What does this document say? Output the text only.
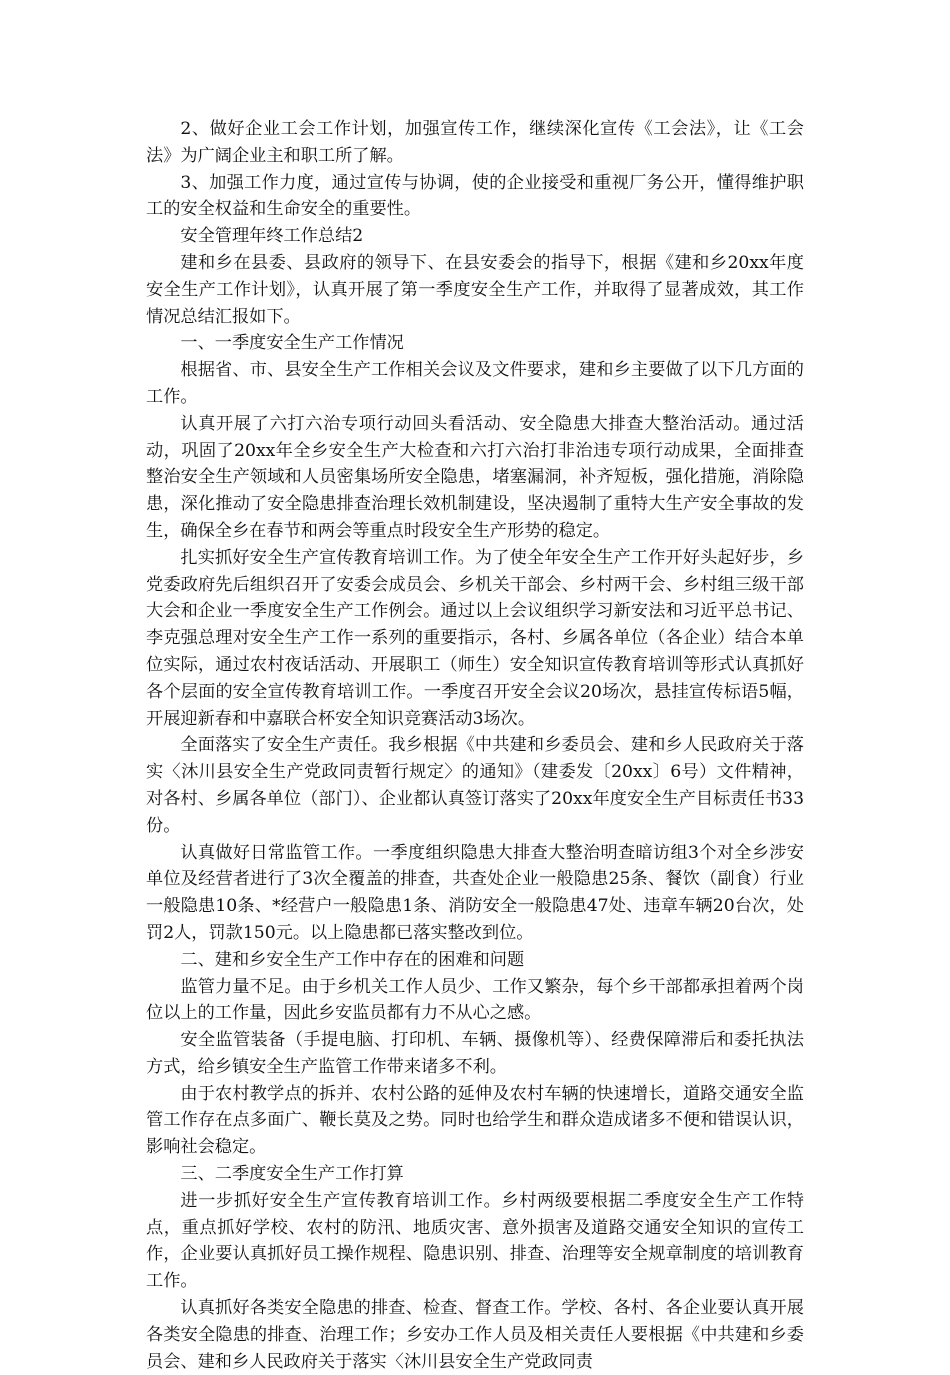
2、做好企业工会工作计划，加强宣传工作，继续深化宣传《工会法》，让《工会法》为广阔企业主和职工所了解。

3、加强工作力度，通过宣传与协调，使的企业接受和重视厂务公开，懂得维护职工的安全权益和生命安全的重要性。

安全管理年终工作总结2

建和乡在县委、县政府的领导下、在县安委会的指导下，根据《建和乡20xx年度安全生产工作计划》，认真开展了第一季度安全生产工作，并取得了显著成效，其工作情况总结汇报如下。

一、一季度安全生产工作情况

根据省、市、县安全生产工作相关会议及文件要求，建和乡主要做了以下几方面的工作。

认真开展了六打六治专项行动回头看活动、安全隐患大排查大整治活动。通过活动，巩固了20xx年全乡安全生产大检查和六打六治打非治违专项行动成果，全面排查整治安全生产领域和人员密集场所安全隐患，堵塞漏洞，补齐短板，强化措施，消除隐患，深化推动了安全隐患排查治理长效机制建设，坚决遏制了重特大生产安全事故的发生，确保全乡在春节和两会等重点时段安全生产形势的稳定。

扎实抓好安全生产宣传教育培训工作。为了使全年安全生产工作开好头起好步，乡党委政府先后组织召开了安委会成员会、乡机关干部会、乡村两干会、乡村组三级干部大会和企业一季度安全生产工作例会。通过以上会议组织学习新安法和习近平总书记、李克强总理对安全生产工作一系列的重要指示，各村、乡属各单位（各企业）结合本单位实际，通过农村夜话活动、开展职工（师生）安全知识宣传教育培训等形式认真抓好各个层面的安全宣传教育培训工作。一季度召开安全会议20场次，悬挂宣传标语5幅，开展迎新春和中嘉联合杯安全知识竞赛活动3场次。

全面落实了安全生产责任。我乡根据《中共建和乡委员会、建和乡人民政府关于落实〈沐川县安全生产党政同责暂行规定〉的通知》（建委发〔20xx〕6号）文件精神，对各村、乡属各单位（部门）、企业都认真签订落实了20xx年度安全生产目标责任书33份。

认真做好日常监管工作。一季度组织隐患大排查大整治明查暗访组3个对全乡涉安单位及经营者进行了3次全覆盖的排查，共查处企业一般隐患25条、餐饮（副食）行业一般隐患10条、*经营户一般隐患1条、消防安全一般隐患47处、违章车辆20台次，处罚2人，罚款150元。以上隐患都已落实整改到位。

二、建和乡安全生产工作中存在的困难和问题

监管力量不足。由于乡机关工作人员少、工作又繁杂，每个乡干部都承担着两个岗位以上的工作量，因此乡安监员都有力不从心之感。

安全监管装备（手提电脑、打印机、车辆、摄像机等）、经费保障滞后和委托执法方式，给乡镇安全生产监管工作带来诸多不利。

由于农村教学点的拆并、农村公路的延伸及农村车辆的快速增长，道路交通安全监管工作存在点多面广、鞭长莫及之势。同时也给学生和群众造成诸多不便和错误认识，影响社会稳定。

三、二季度安全生产工作打算

进一步抓好安全生产宣传教育培训工作。乡村两级要根据二季度安全生产工作特点，重点抓好学校、农村的防汛、地质灾害、意外损害及道路交通安全知识的宣传工作，企业要认真抓好员工操作规程、隐患识别、排查、治理等安全规章制度的培训教育工作。

认真抓好各类安全隐患的排查、检查、督查工作。学校、各村、各企业要认真开展各类安全隐患的排查、治理工作；乡安办工作人员及相关责任人要根据《中共建和乡委员会、建和乡人民政府关于落实〈沐川县安全生产党政同责
